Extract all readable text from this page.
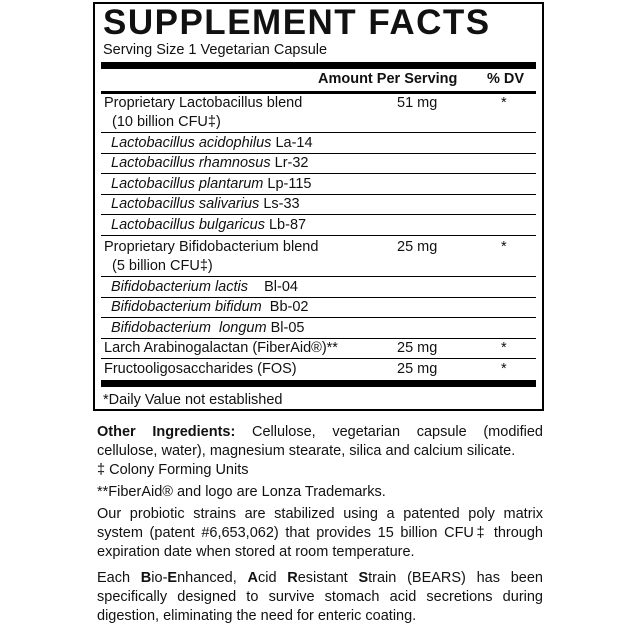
SUPPLEMENT FACTS
Serving Size 1 Vegetarian Capsule
Amount Per Serving % DV
Proprietary Lactobacillus blend	51 mg	*
(10 billion CFU‡)
Lactobacillus acidophilus La-14
Lactobacillus rhamnosus Lr-32
Lactobacillus plantarum Lp-115
Lactobacillus salivarius Ls-33
Lactobacillus bulgaricus Lb-87
Proprietary Bifidobacterium blend	25 mg	*
(5 billion CFU‡)
Bifidobacterium lactis Bl-04
Bifidobacterium bifidum Bb-02
Bifidobacterium  longum Bl-05
Larch Arabinogalactan (FiberAid®)**	25 mg	*
Fructooligosaccharides (FOS)	25 mg	*
*Daily Value not established
Other Ingredients: Cellulose, vegetarian capsule (modified cellulose, water), magnesium stearate, silica and calcium silicate.
‡ Colony Forming Units
**FiberAid® and logo are Lonza Trademarks.
Our probiotic strains are stabilized using a patented poly matrix system (patent #6,653,062) that provides 15 billion CFU‡ through expiration date when stored at room temperature.
Each Bio-Enhanced, Acid Resistant Strain (BEARS) has been specifically designed to survive stomach acid secretions during digestion, eliminating the need for enteric coating.
